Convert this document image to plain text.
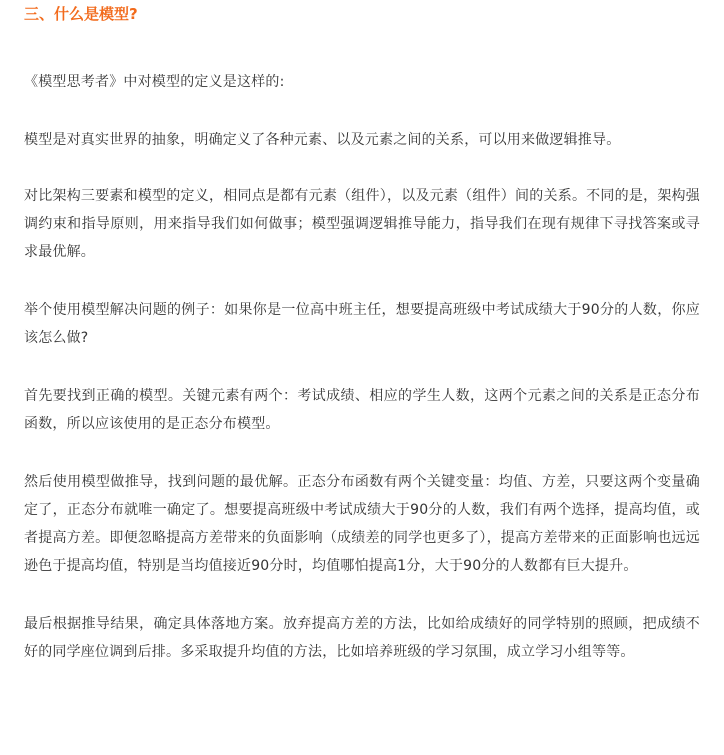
三、什么是模型?

《模型思考者》中对模型的定义是这样的:

模型是对真实世界的抽象，明确定义了各种元素、以及元素之间的关系，可以用来做逻辑推导。

对比架构三要素和模型的定义，相同点是都有元素（组件），以及元素（组件）间的关系。不同的是，架构强调约束和指导原则，用来指导我们如何做事；模型强调逻辑推导能力，指导我们在现有规律下寻找答案或寻求最优解。

举个使用模型解决问题的例子：如果你是一位高中班主任，想要提高班级中考试成绩大于90分的人数，你应该怎么做?

首先要找到正确的模型。关键元素有两个：考试成绩、相应的学生人数，这两个元素之间的关系是正态分布函数，所以应该使用的是正态分布模型。

然后使用模型做推导，找到问题的最优解。正态分布函数有两个关键变量：均值、方差，只要这两个变量确定了，正态分布就唯一确定了。想要提高班级中考试成绩大于90分的人数，我们有两个选择，提高均值，或者提高方差。即便忽略提高方差带来的负面影响（成绩差的同学也更多了），提高方差带来的正面影响也远远逊色于提高均值，特别是当均值接近90分时，均值哪怕提高1分，大于90分的人数都有巨大提升。

最后根据推导结果，确定具体落地方案。放弃提高方差的方法，比如给成绩好的同学特别的照顾，把成绩不好的同学座位调到后排。多采取提升均值的方法，比如培养班级的学习氛围，成立学习小组等等。
